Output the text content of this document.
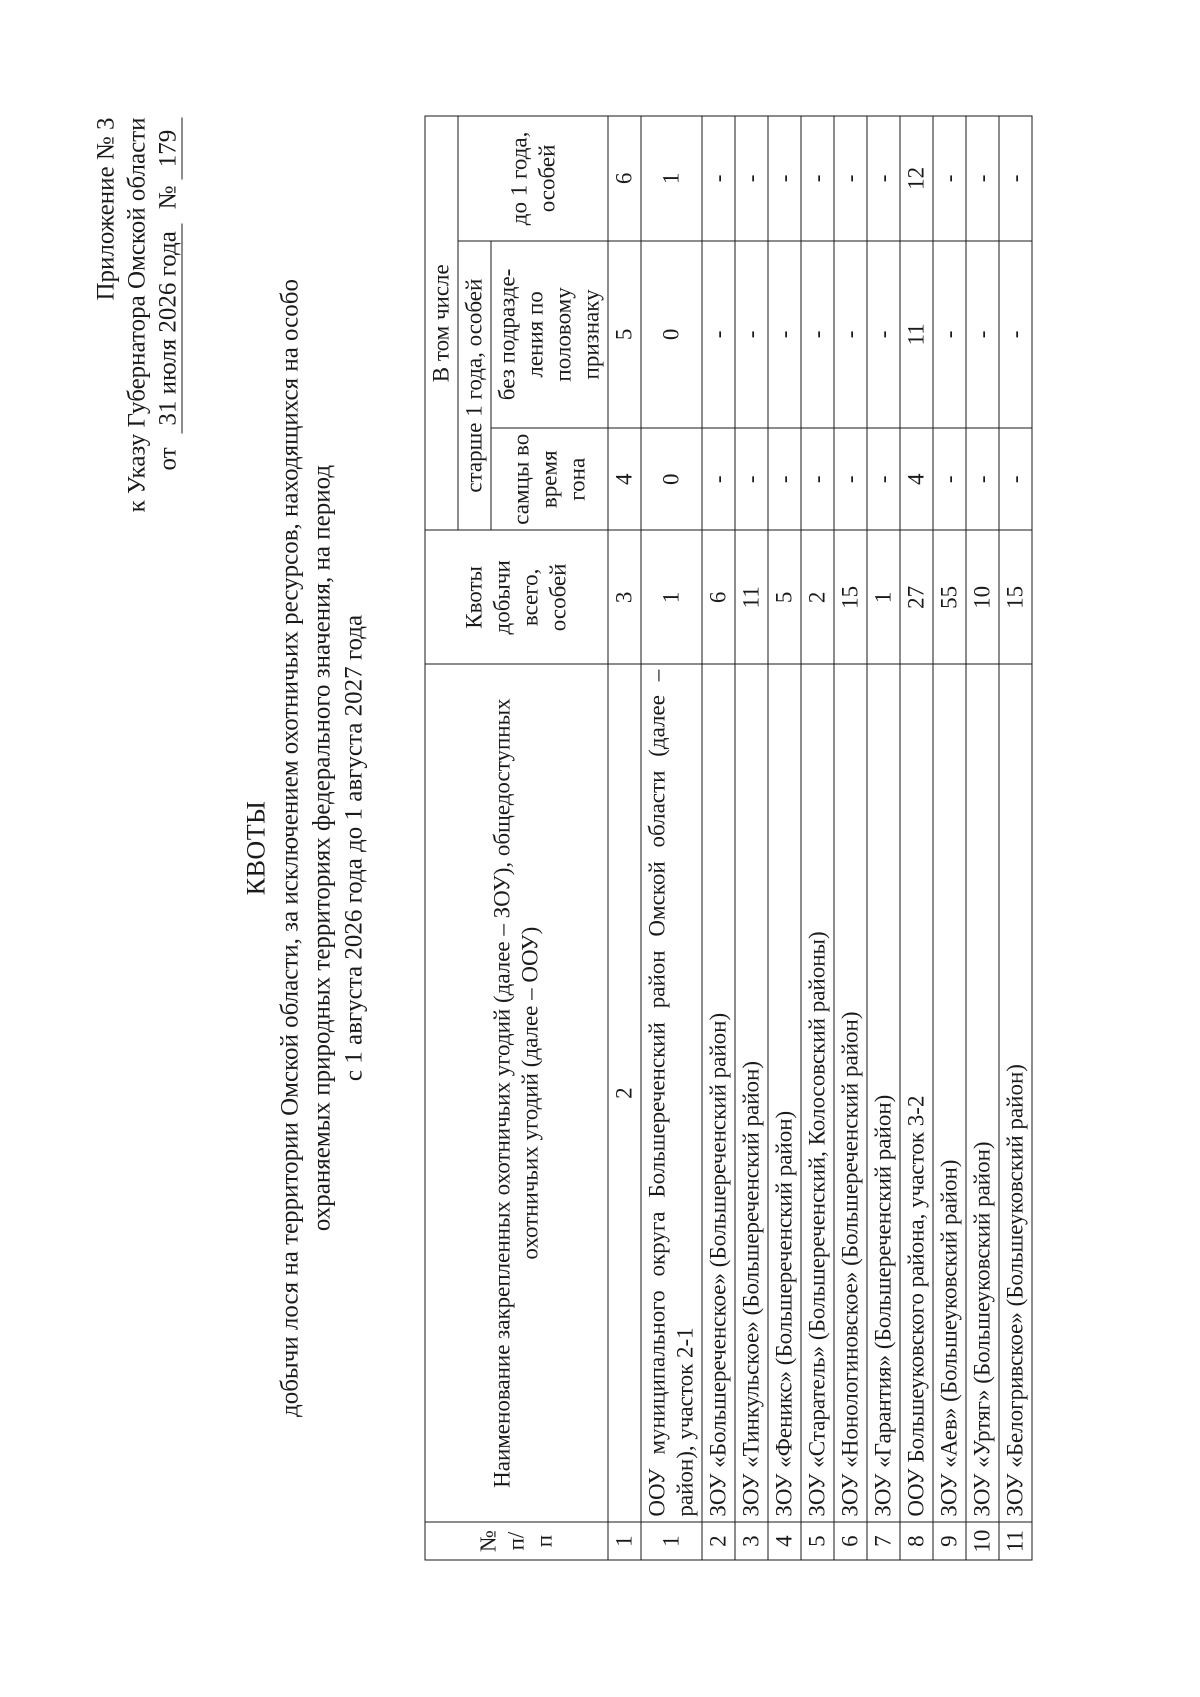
Приложение № 3 к Указу Губернатора Омской области от31 июля 2026 года№179
КВОТЫ добычи лося на территории Омской области, за исключением охотничьих ресурсов, находящихся на особо охраняемых природных территориях федерального значения, на период с 1 августа 2026 года до 1 августа 2027 года
№ п/п	Наименование закрепленных охотничьих угодий (далее – ЗОУ), общедоступных охотничьих угодий (далее – ООУ)	Квоты добычи всего, особей	В том числе		
			старше 1 года, особей		до 1 года, особей
			самцы во время гона	без подразде-ления по половому признаку	
1	2	3	4	5	6
1	ООУ муниципального округа Большереченский район Омской области (далее – район), участок 2-1	1	0	0	1
2	ЗОУ «Большереченское» (Большереченский район)	6	-	-	-
3	ЗОУ «Тинкульское» (Большереченский район)	11	-	-	-
4	ЗОУ «Феникс» (Большереченский район)	5	-	-	-
5	ЗОУ «Старатель» (Большереченский, Колосовский районы)	2	-	-	-
6	ЗОУ «Нонологиновское» (Большереченский район)	15	-	-	-
7	ЗОУ «Гарантия» (Большереченский район)	1	-	-	-
8	ООУ Большеуковского района, участок 3-2	27	4	11	12
9	ЗОУ «Аев» (Большеуковский район)	55	-	-	-
10	ЗОУ «Уртяг» (Большеуковский район)	10	-	-	-
11	ЗОУ «Белогривское» (Большеуковский район)	15	-	-	-
